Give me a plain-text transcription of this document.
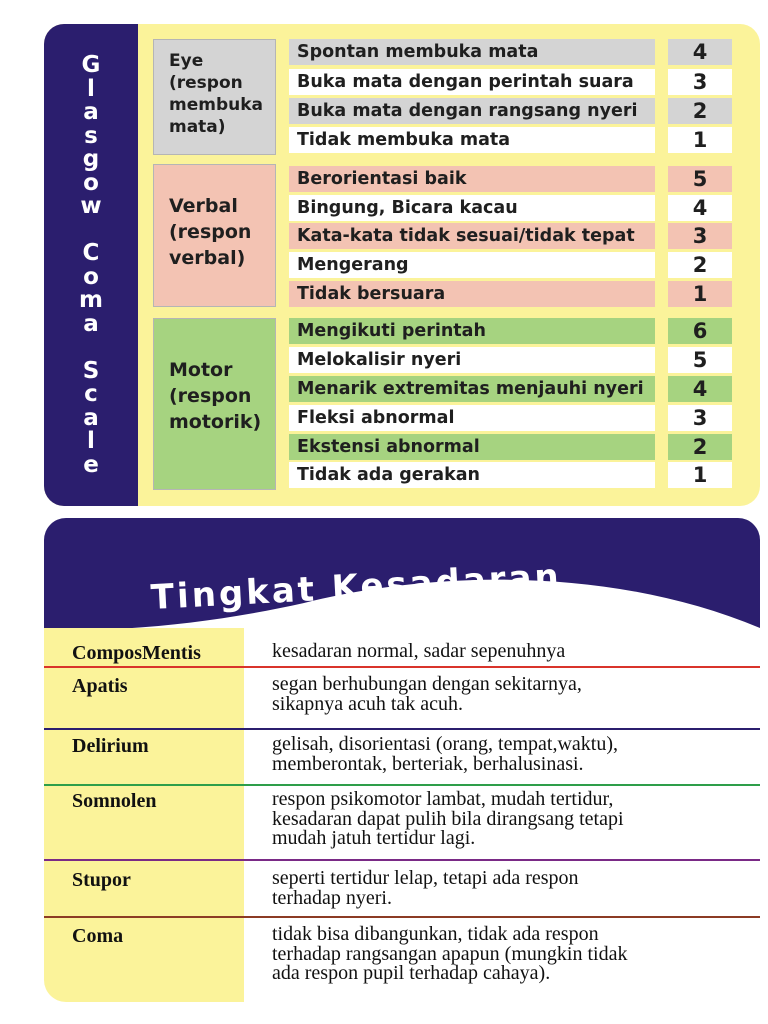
G
l
a
s
g
o
w
C
o
m
a
S
c
a
l
e
Eye
(respon
membuka
mata)
Spontan membuka mata	4
Buka mata dengan perintah suara	3
Buka mata dengan rangsang nyeri	2
Tidak membuka mata	1
Verbal
(respon
verbal)
Berorientasi baik	5
Bingung, Bicara kacau	4
Kata-kata tidak sesuai/tidak tepat	3
Mengerang	2
Tidak bersuara	1
Motor
(respon
motorik)
Mengikuti perintah	6
Melokalisir nyeri	5
Menarik extremitas menjauhi nyeri	4
Fleksi abnormal	3
Ekstensi abnormal	2
Tidak ada gerakan	1
Tingkat Kesadaran
ComposMentis	kesadaran normal, sadar sepenuhnya
Apatis	segan berhubungan dengan sekitarnya,
sikapnya acuh tak acuh.
Delirium	gelisah, disorientasi (orang, tempat,waktu),
memberontak, berteriak, berhalusinasi.
Somnolen	respon psikomotor lambat, mudah tertidur,
kesadaran dapat pulih bila dirangsang tetapi
mudah jatuh tertidur lagi.
Stupor	seperti tertidur lelap, tetapi ada respon
terhadap nyeri.
Coma	tidak bisa dibangunkan, tidak ada respon
terhadap rangsangan apapun (mungkin tidak
ada respon pupil terhadap cahaya).
